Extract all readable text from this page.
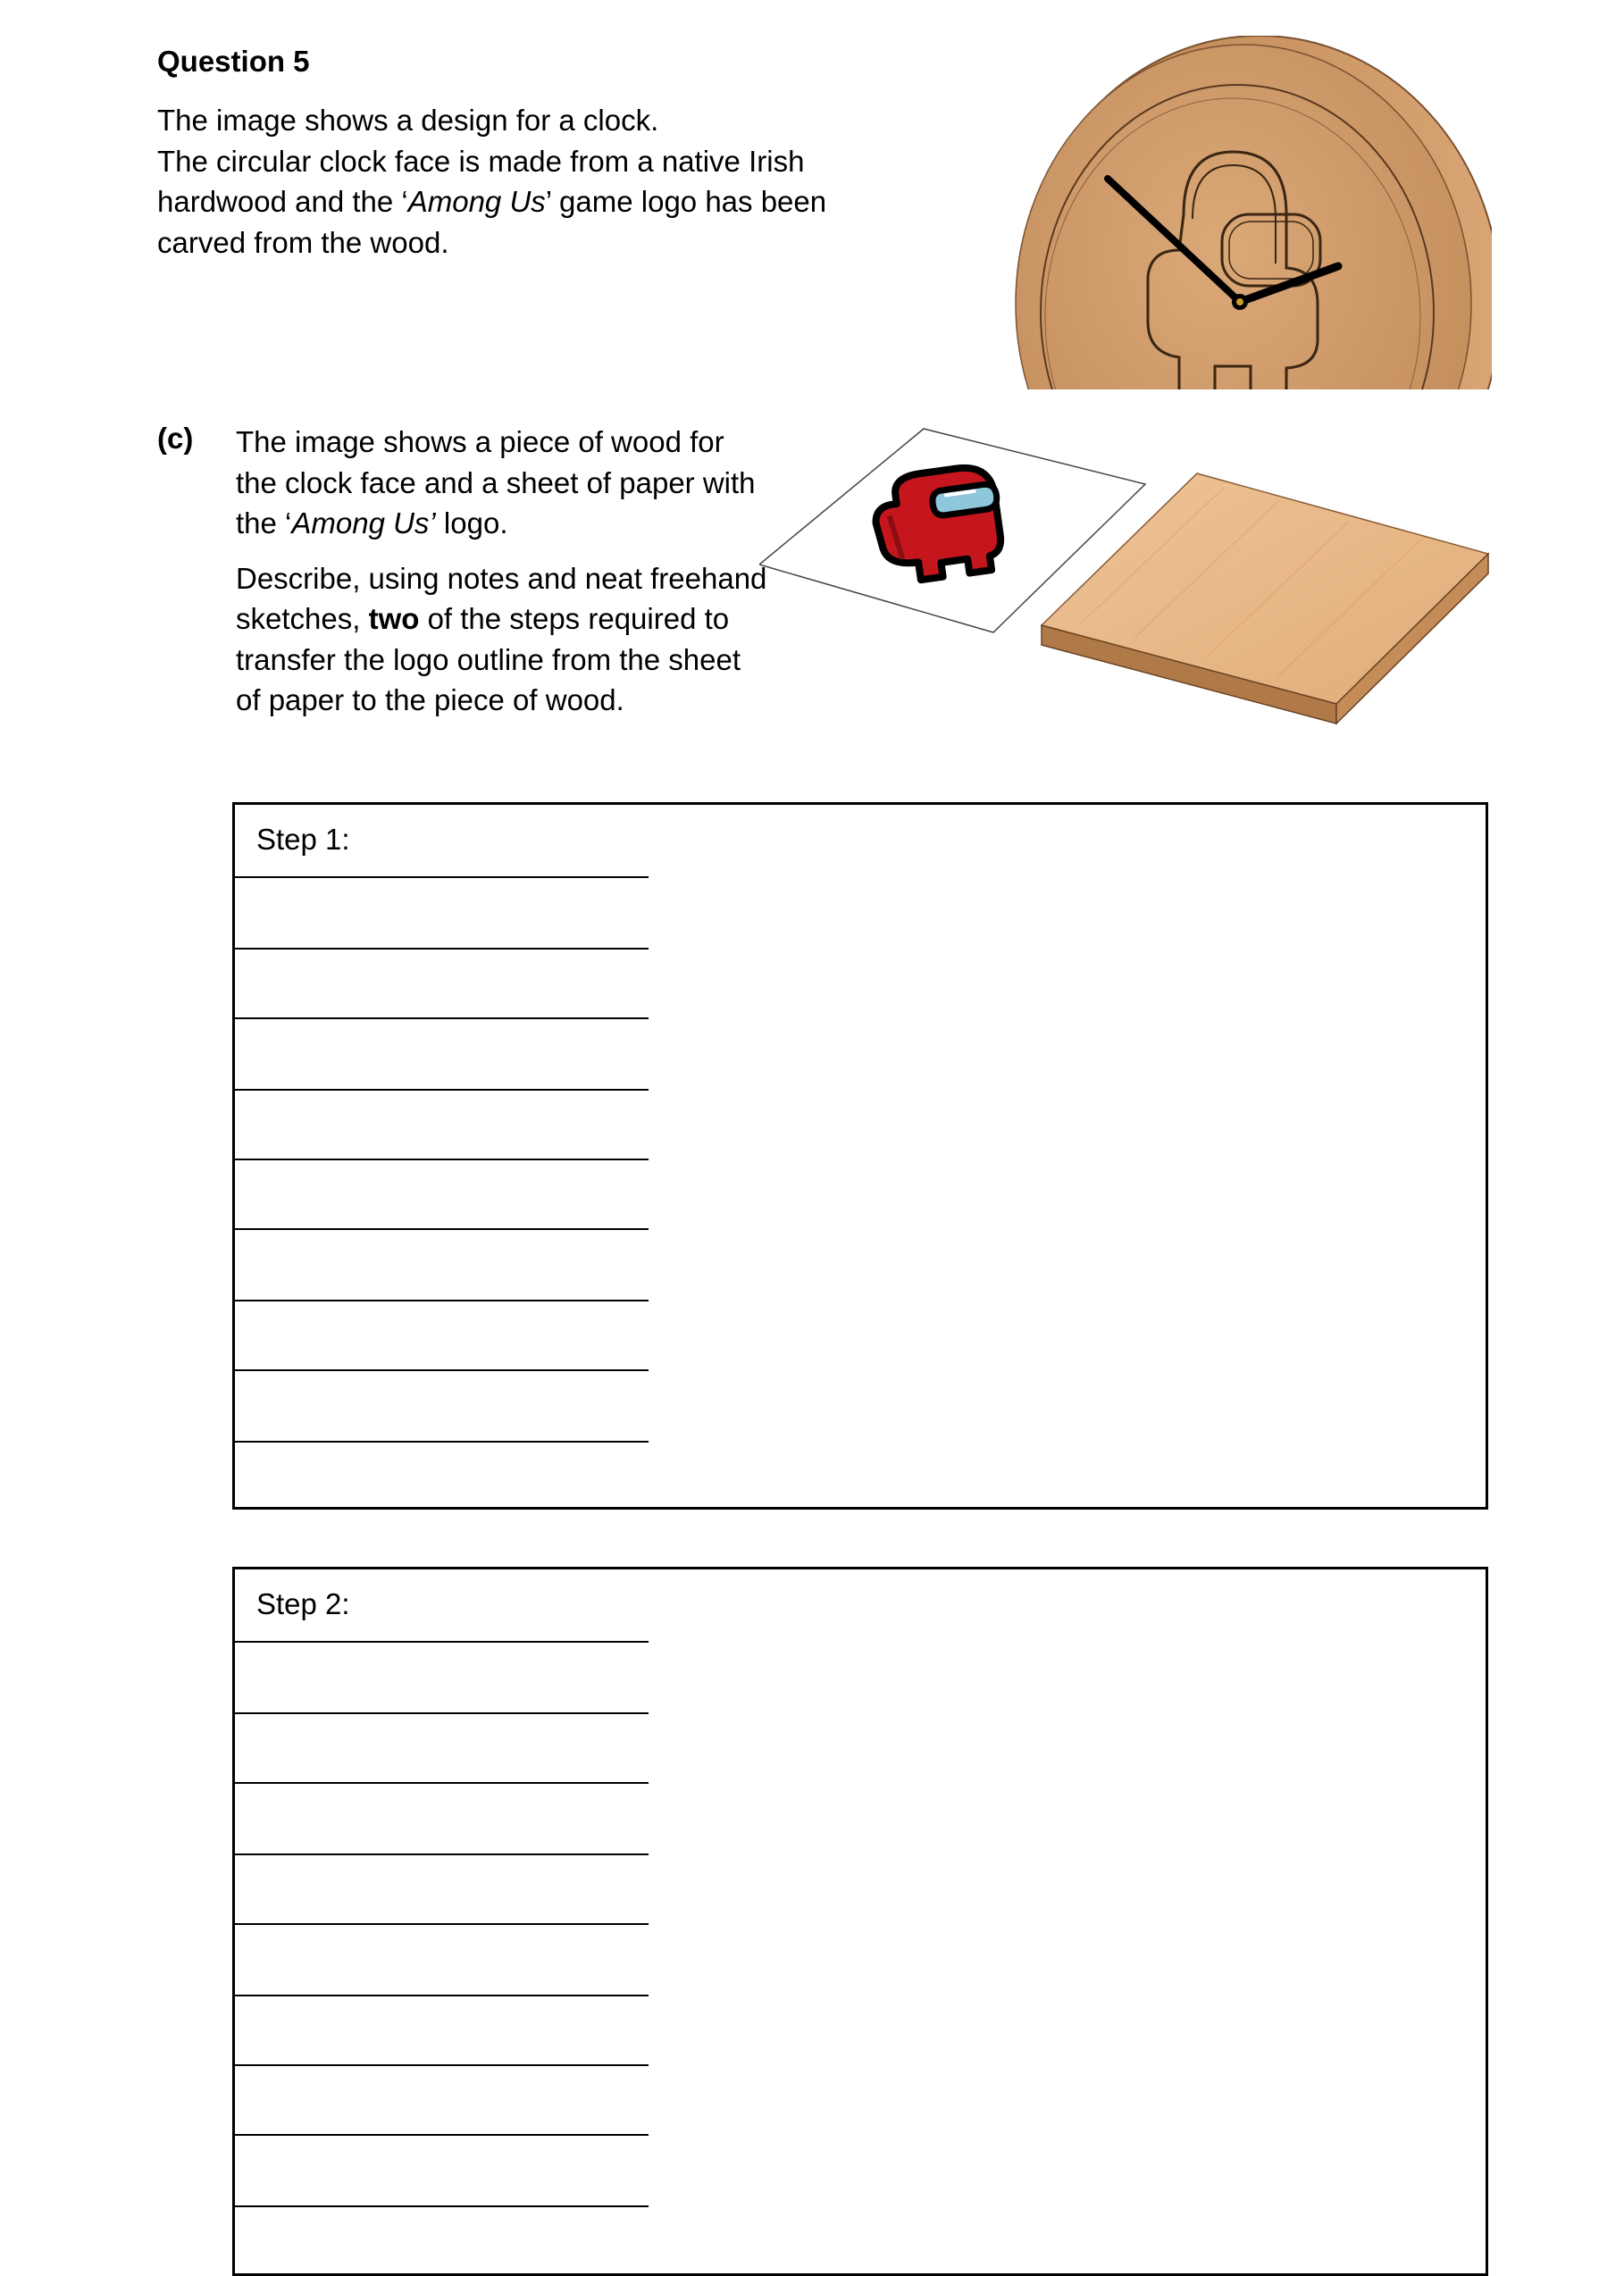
Question 5

The image shows a design for a clock.

The circular clock face is made from a native Irish hardwood and the ‘Among Us’ game logo has been carved from the wood.

(c) The image shows a piece of wood for the clock face and a sheet of paper with the ‘Among Us’ logo.

Describe, using notes and neat freehand sketches, two of the steps required to transfer the logo outline from the sheet of paper to the piece of wood.

Step 1:
Step 2:
